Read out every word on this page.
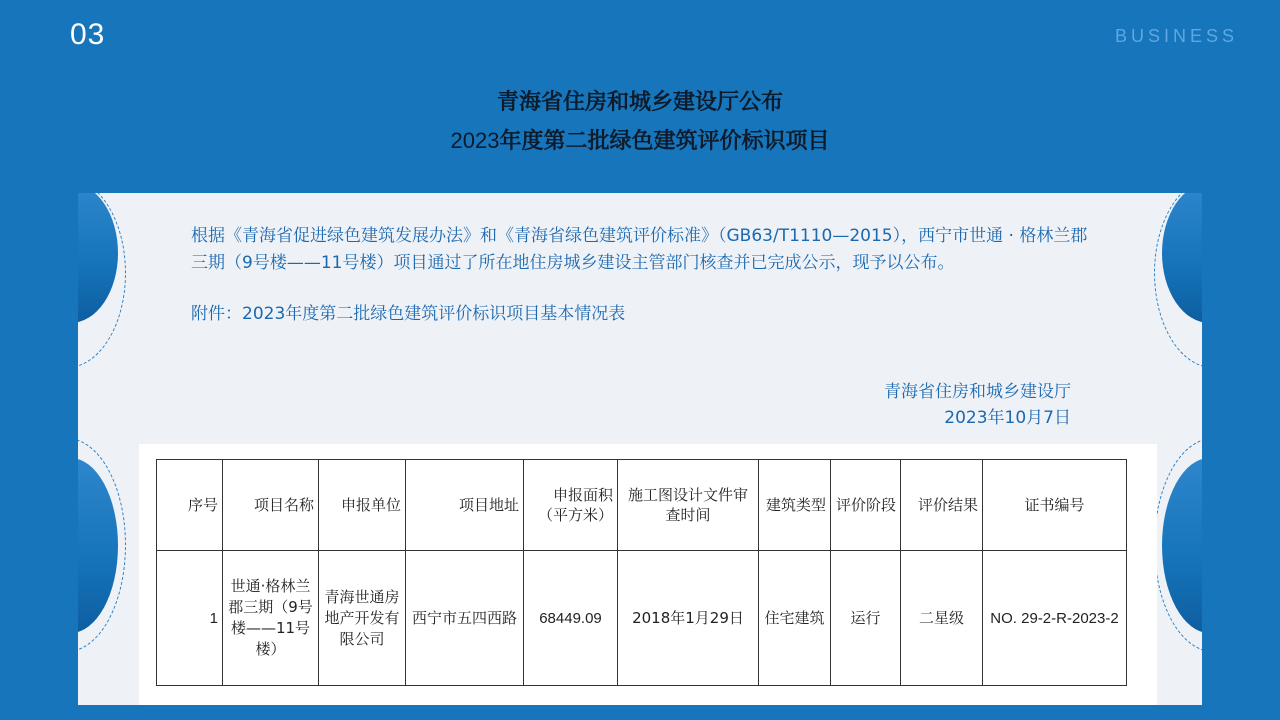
03	BUSINESS
青海省住房和城乡建设厅公布
2023年度第二批绿色建筑评价标识项目

根据《青海省促进绿色建筑发展办法》和《青海省绿色建筑评价标准》（GB63/T1110—2015），西宁市世通 · 格林兰郡三期（9号楼——11号楼）项目通过了所在地住房城乡建设主管部门核查并已完成公示，现予以公布。

附件：2023年度第二批绿色建筑评价标识项目基本情况表

青海省住房和城乡建设厅
2023年10月7日
序号	项目名称	申报单位	项目地址	申报面积（平方米）	施工图设计文件审查时间	建筑类型	评价阶段	评价结果	证书编号
1	世通·格林兰郡三期（9号楼——11号楼）	青海世通房地产开发有限公司	西宁市五四西路	68449.09	2018年1月29日	住宅建筑	运行	二星级	NO. 29-2-R-2023-2
